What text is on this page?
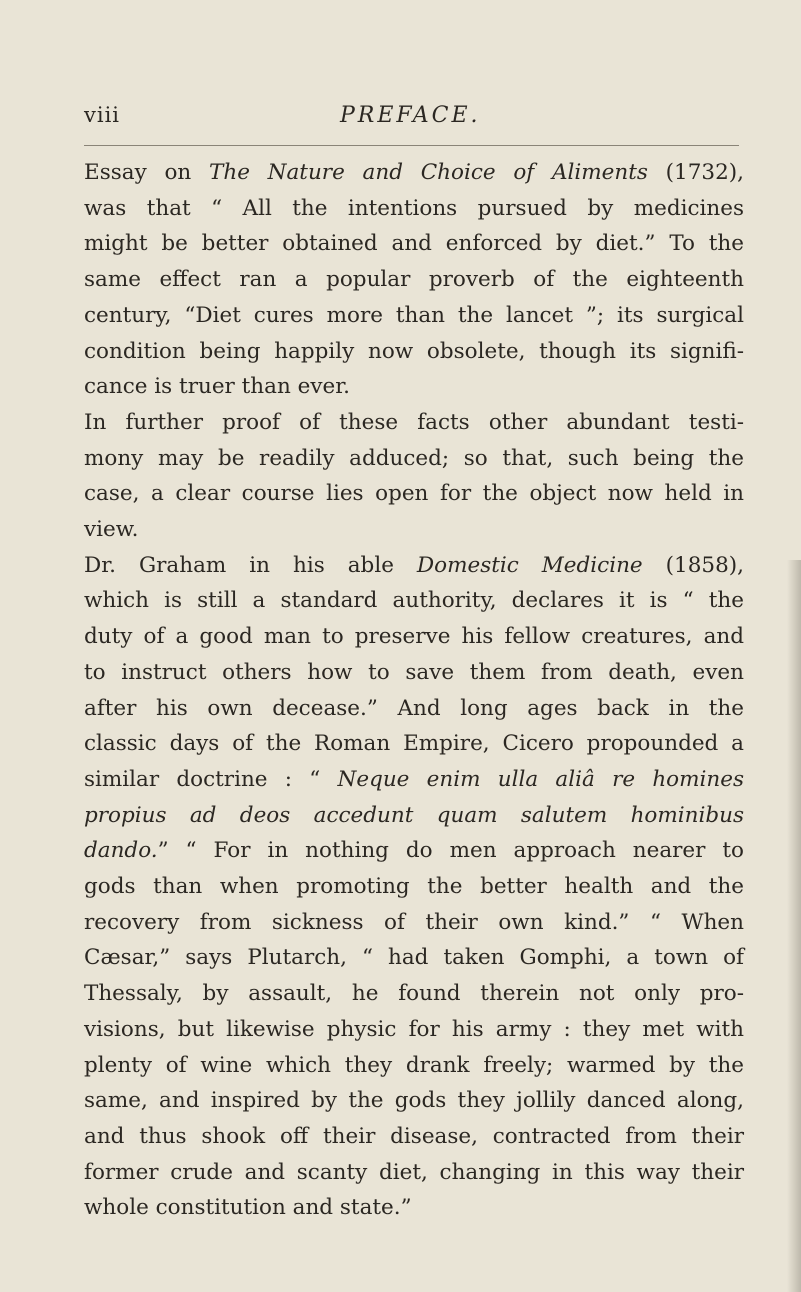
viii	PREFACE.
Essay on The Nature and Choice of Aliments (1732),
was that “ All the intentions pursued by medicines
might be better obtained and enforced by diet.” To the
same effect ran a popular proverb of the eighteenth
century, “Diet cures more than the lancet ”; its surgical
condition being happily now obsolete, though its signifi-
cance is truer than ever.
In further proof of these facts other abundant testi-
mony may be readily adduced; so that, such being the
case, a clear course lies open for the object now held in
view.
Dr. Graham in his able Domestic Medicine (1858),
which is still a standard authority, declares it is “ the
duty of a good man to preserve his fellow creatures, and
to instruct others how to save them from death, even
after his own decease.” And long ages back in the
classic days of the Roman Empire, Cicero propounded a
similar doctrine : “ Neque enim ulla aliâ re homines
propius ad deos accedunt quam salutem hominibus
dando.” “ For in nothing do men approach nearer to
gods than when promoting the better health and the
recovery from sickness of their own kind.” “ When
Cæsar,” says Plutarch, “ had taken Gomphi, a town of
Thessaly, by assault, he found therein not only pro-
visions, but likewise physic for his army : they met with
plenty of wine which they drank freely; warmed by the
same, and inspired by the gods they jollily danced along,
and thus shook off their disease, contracted from their
former crude and scanty diet, changing in this way their
whole constitution and state.”
